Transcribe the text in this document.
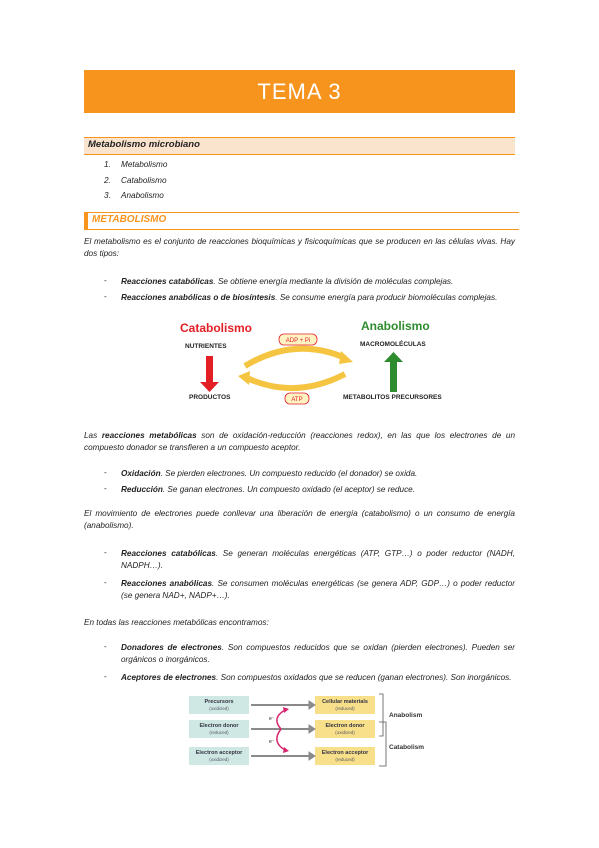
TEMA 3
Metabolismo microbiano
1. Metabolismo
2. Catabolismo
3. Anabolismo
METABOLISMO
El metabolismo es el conjunto de reacciones bioquímicas y fisicoquímicas que se producen en las células vivas. Hay dos tipos:
- Reacciones catabólicas. Se obtiene energía mediante la división de moléculas complejas.
- Reacciones anabólicas o de biosíntesis. Se consume energía para producir biomoléculas complejas.
Catabolismo	Anabolismo
NUTRIENTES	MACROMOLÉCULAS
ADP + Pi
ATP
PRODUCTOS	METABOLITOS PRECURSORES
Las reacciones metabólicas son de oxidación-reducción (reacciones redox), en las que los electrones de un compuesto donador se transfieren a un compuesto aceptor.
- Oxidación. Se pierden electrones. Un compuesto reducido (el donador) se oxida.
- Reducción. Se ganan electrones. Un compuesto oxidado (el aceptor) se reduce.
El movimiento de electrones puede conllevar una liberación de energía (catabolismo) o un consumo de energía (anabolismo).
- Reacciones catabólicas. Se generan moléculas energéticas (ATP, GTP…) o poder reductor (NADH, NADPH…).
- Reacciones anabólicas. Se consumen moléculas energéticas (se genera ADP, GDP…) o poder reductor (se genera NAD+, NADP+…).
En todas las reacciones metabólicas encontramos:
- Donadores de electrones. Son compuestos reducidos que se oxidan (pierden electrones). Pueden ser orgánicos o inorgánicos.
- Aceptores de electrones. Son compuestos oxidados que se reducen (ganan electrones). Son inorgánicos.
Precursors
(oxidized)
Electron donor
(reduced)
Electron acceptor
(oxidized)
Cellular materials
(reduced)
Electron donor
(oxidized)
Electron acceptor
(reduced)
e⁻
e⁻
Anabolism
Catabolism
